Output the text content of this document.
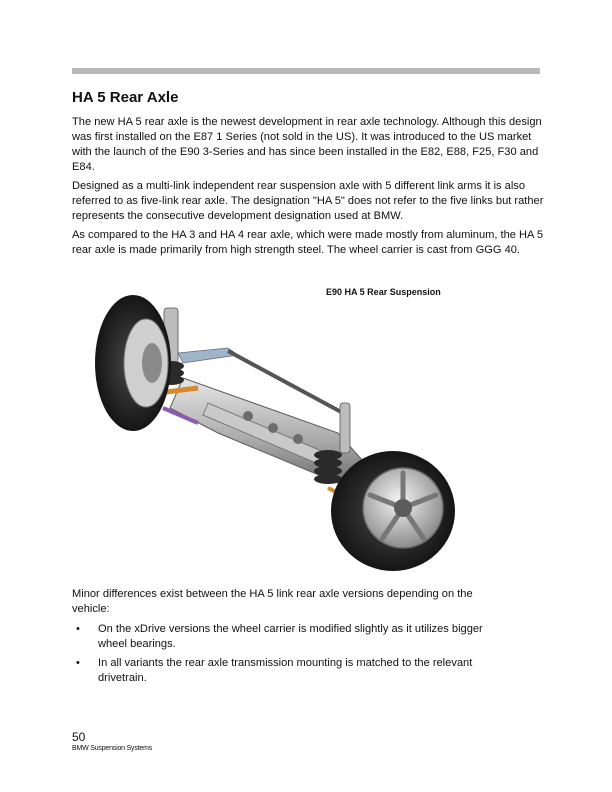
HA 5 Rear Axle

The new HA 5 rear axle is the newest development in rear axle technology. Although this design was first installed on the E87 1 Series (not sold in the US). It was introduced to the US market with the launch of the E90 3-Series and has since been installed in the E82, E88, F25, F30 and E84.

Designed as a multi-link independent rear suspension axle with 5 different link arms it is also referred to as five-link rear axle. The designation "HA 5" does not refer to the five links but rather represents the consecutive development designation used at BMW.

As compared to the HA 3 and HA 4 rear axle, which were made mostly from aluminum, the HA 5 rear axle is made primarily from high strength steel. The wheel carrier is cast from GGG 40.

E90 HA 5 Rear Suspension

Minor differences exist between the HA 5 link rear axle versions depending on the vehicle:

• On the xDrive versions the wheel carrier is modified slightly as it utilizes bigger wheel bearings.
• In all variants the rear axle transmission mounting is matched to the relevant drivetrain.
50
BMW Suspension Systems
